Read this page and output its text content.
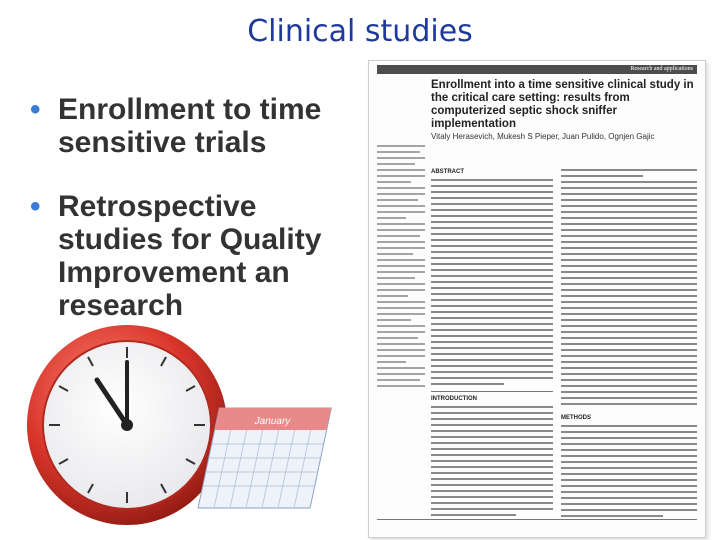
Clinical studies
• Enrollment to time sensitive trials
• Retrospective studies for Quality Improvement an research
January
Research and applications
Enrollment into a time sensitive clinical study in the critical care setting: results from computerized septic shock sniffer implementation
Vitaly Herasevich, Mukesh S Pieper, Juan Pulido, Ognjen Gajic
ABSTRACT
INTRODUCTION
METHODS
